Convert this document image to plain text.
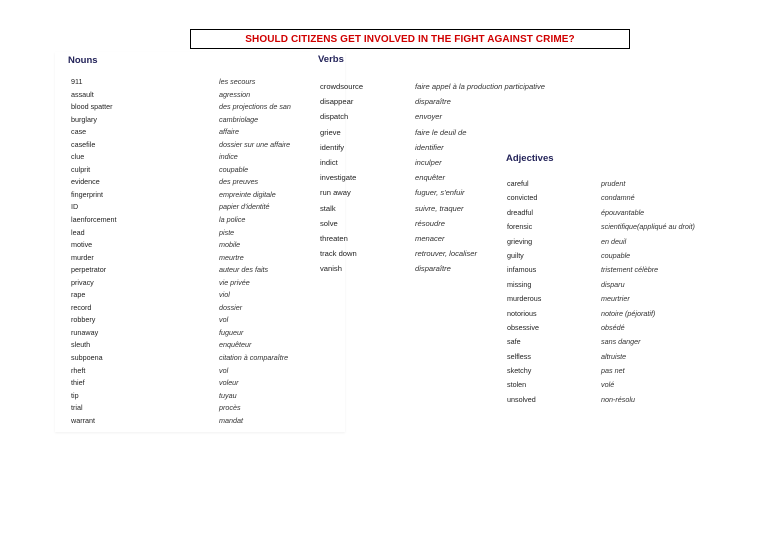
SHOULD CITIZENS GET INVOLVED IN THE FIGHT AGAINST CRIME?
Nouns
911
assault
blood spatter
burglary
case
casefile
clue
culprit
evidence
fingerprint
ID
laenforcement
lead
motive
murder
perpetrator
privacy
rape
record
robbery
runaway
sleuth
subpoena
rheft
thief
tip
trial
warrant
les secours
agression
des projections de san
cambriolage
affaire
dossier sur une affaire
indice
coupable
des preuves
empreinte digitale
papier d'identité
la police
piste
mobile
meurtre
auteur des faits
vie privée
viol
dossier
vol
fugueur
enquêteur
citation à comparaître
vol
voleur
tuyau
procès
mandat
Verbs
crowdsource
disappear
dispatch
grieve
identify
indict
investigate
run away
stalk
solve
threaten
track down
vanish
faire appel à la production participative
disparaître
envoyer
faire le deuil de
identifier
inculper
enquêter
fuguer, s'enfuir
suivre, traquer
résoudre
menacer
retrouver, localiser
disparaître
Adjectives
careful
convicted
dreadful
forensic
grieving
guilty
infamous
missing
murderous
notorious
obsessive
safe
selfless
sketchy
stolen
unsolved
prudent
condamné
épouvantable
scientifique(appliqué au droit)
en deuil
coupable
tristement célèbre
disparu
meurtrier
notoire (péjoratif)
obsédé
sans danger
altruiste
pas net
volé
non-résolu
